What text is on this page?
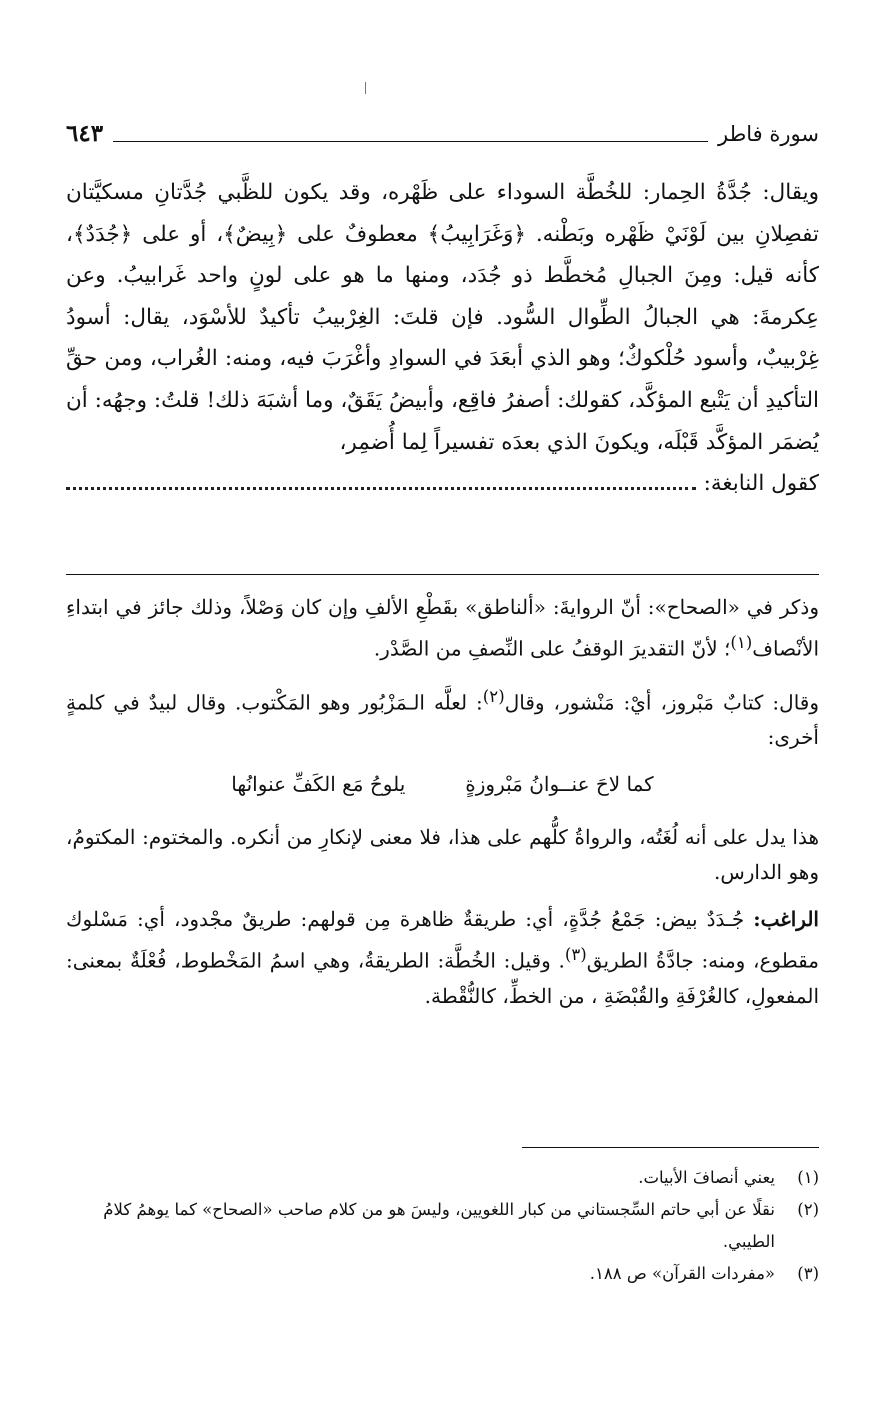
سورة فاطر
٦٤٣

ويقال: جُدَّةُ الحِمار: للخُطَّة السوداء على ظَهْره، وقد يكون للظَّبي جُدَّتانِ مسكيَّتان تفصِلانِ بين لَوْنَيْ ظَهْره وبَطْنه. ﴿وَغَرَابِيبُ﴾ معطوفٌ على ﴿بِيضٌ﴾، أو على ﴿جُدَدٌ﴾، كأنه قيل: ومِنَ الجبالِ مُخطَّط ذو جُدَد، ومنها ما هو على لونٍ واحد غَرابيبُ. وعن عِكرمةَ: هي الجبالُ الطِّوال السُّود. فإن قلتَ: الغِرْبيبُ تأكيدٌ للأسْوَد، يقال: أسودُ غِرْبيبٌ، وأسود حُلْكوكٌ؛ وهو الذي أبعَدَ في السوادِ وأغْرَبَ فيه، ومنه: الغُراب، ومن حقِّ التأكيدِ أن يَتْبع المؤكَّد، كقولك: أصفرُ فاقِع، وأبيضُ يَقَقٌ، وما أشبَهَ ذلك! قلتُ: وجهُه: أن يُضمَر المؤكَّد قَبْلَه، ويكونَ الذي بعدَه تفسيراً لِما أُضمِر،

كقول النابغة:

وذكر في «الصحاح»: أنّ الروايةَ: «ألناطق» بقَطْعِ الألفِ وإن كان وَصْلاً، وذلك جائز في ابتداءِ الأنْصاف$^{(١)}$؛ لأنّ التقديرَ الوقفُ على النِّصفِ من الصَّدْر.

وقال: كتابٌ مَبْروز، أيْ: مَنْشور، وقال$^{(٢)}$: لعلَّه الـمَزْبُور وهو المَكْتوب. وقال لبيدٌ في كلمةٍ أخرى:

كما لاحَ عنــوانُ مَبْروزةٍ
يلوحُ مَع الكَفِّ عنوانُها

هذا يدل على أنه لُغَتُه، والرواةُ كلُّهم على هذا، فلا معنى لإنكارِ من أنكره. والمختوم: المكتومُ، وهو الدارس.

الراغب: جُـدَدٌ بيض: جَمْعُ جُدَّةٍ، أي: طريقةٌ ظاهرة مِن قولهم: طريقٌ مجْدود، أي: مَسْلوك مقطوع، ومنه: جادَّةُ الطريق$^{(٣)}$. وقيل: الخُطَّة: الطريقةُ، وهي اسمُ المَخْطوط، فُعْلَةٌ بمعنى: المفعولِ، كالغُرْفَةِ والقُبْضَةِ ، من الخطِّ، كالنُّقْطة.

(١)
يعني أنصافَ الأبيات.
(٢)
نقلًا عن أبي حاتم السِّجستاني من كبار اللغويين، وليسَ هو من كلام صاحب «الصحاح» كما يوهمُ كلامُ الطيبي.
(٣)
«مفردات القرآن» ص ١٨٨.
